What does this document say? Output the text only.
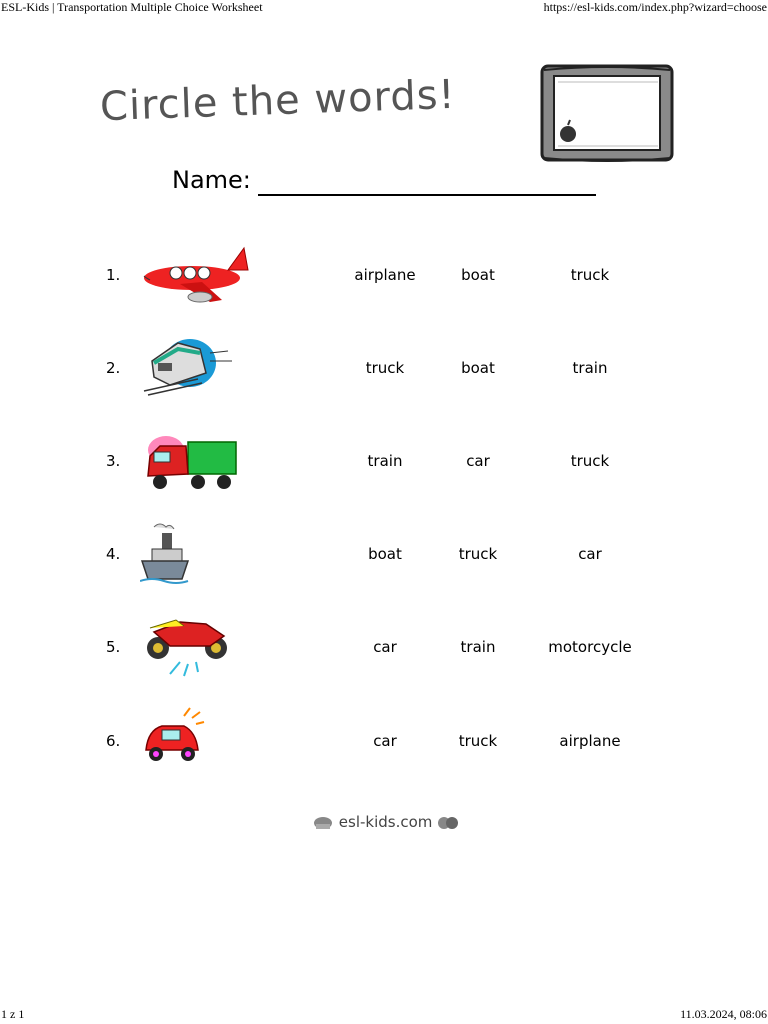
ESL-Kids | Transportation Multiple Choice Worksheet	https://esl-kids.com/index.php?wizard=choose
Circle the words!
Name:
1.	airplane	boat	truck
2.	truck	boat	train
3.	train	car	truck
4.	boat	truck	car
5.	car	train	motorcycle
6.	car	truck	airplane
esl-kids.com
1 z 1	11.03.2024, 08:06
